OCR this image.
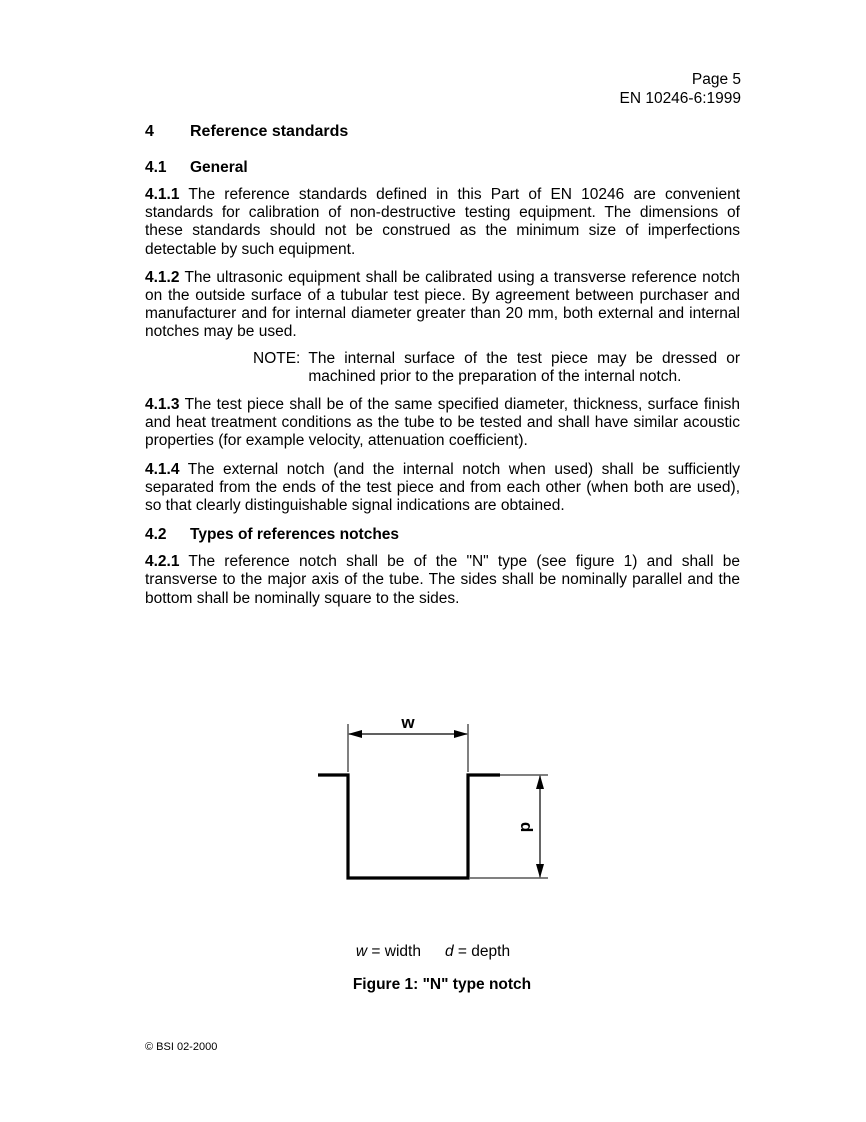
Page 5
EN 10246-6:1999
4 Reference standards
4.1 General

4.1.1 The reference standards defined in this Part of EN 10246 are convenient standards for calibration of non-destructive testing equipment. The dimensions of these standards should not be construed as the minimum size of imperfections detectable by such equipment.

4.1.2 The ultrasonic equipment shall be calibrated using a transverse reference notch on the outside surface of a tubular test piece. By agreement between purchaser and manufacturer and for internal diameter greater than 20 mm, both external and internal notches may be used.

NOTE: The internal surface of the test piece may be dressed or
machined prior to the preparation of the internal notch.

4.1.3 The test piece shall be of the same specified diameter, thickness, surface finish and heat treatment conditions as the tube to be tested and shall have similar acoustic properties (for example velocity, attenuation coefficient).

4.1.4 The external notch (and the internal notch when used) shall be sufficiently separated from the ends of the test piece and from each other (when both are used), so that clearly distinguishable signal indications are obtained.

4.2 Types of references notches

4.2.1 The reference notch shall be of the "N" type (see figure 1) and shall be transverse to the major axis of the tube. The sides shall be nominally parallel and the bottom shall be nominally square to the sides.

w
d
w = width d = depth
Figure 1: "N" type notch
© BSI 02-2000
